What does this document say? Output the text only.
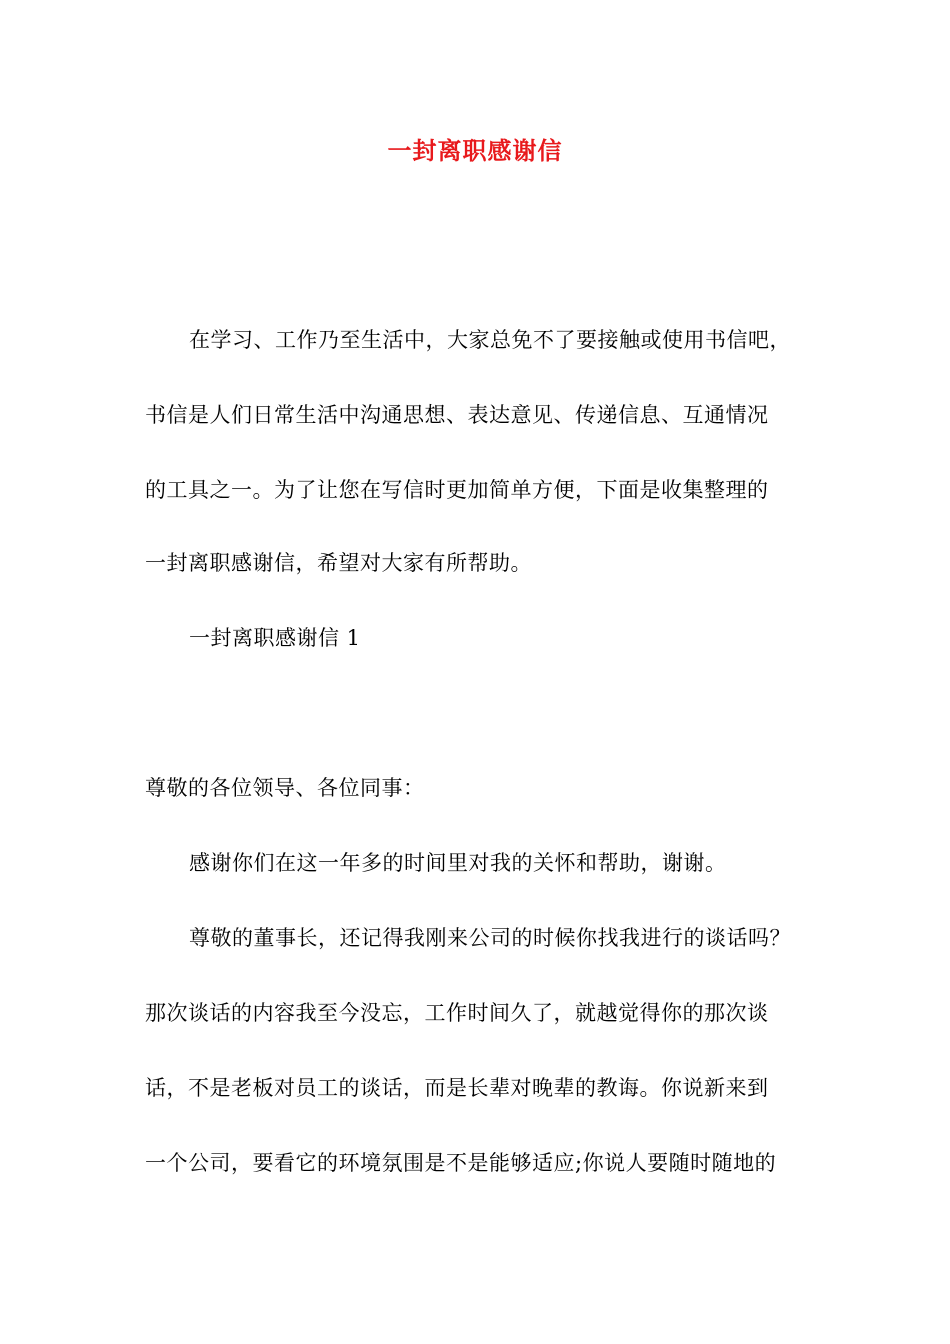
一封离职感谢信
在学习、工作乃至生活中，大家总免不了要接触或使用书信吧，
书信是人们日常生活中沟通思想、表达意见、传递信息、互通情况
的工具之一。为了让您在写信时更加简单方便，下面是收集整理的
一封离职感谢信，希望对大家有所帮助。
一封离职感谢信 1
尊敬的各位领导、各位同事：
感谢你们在这一年多的时间里对我的关怀和帮助，谢谢。
尊敬的董事长，还记得我刚来公司的时候你找我进行的谈话吗？
那次谈话的内容我至今没忘，工作时间久了，就越觉得你的那次谈
话，不是老板对员工的谈话，而是长辈对晚辈的教诲。你说新来到
一个公司，要看它的环境氛围是不是能够适应;你说人要随时随地的
